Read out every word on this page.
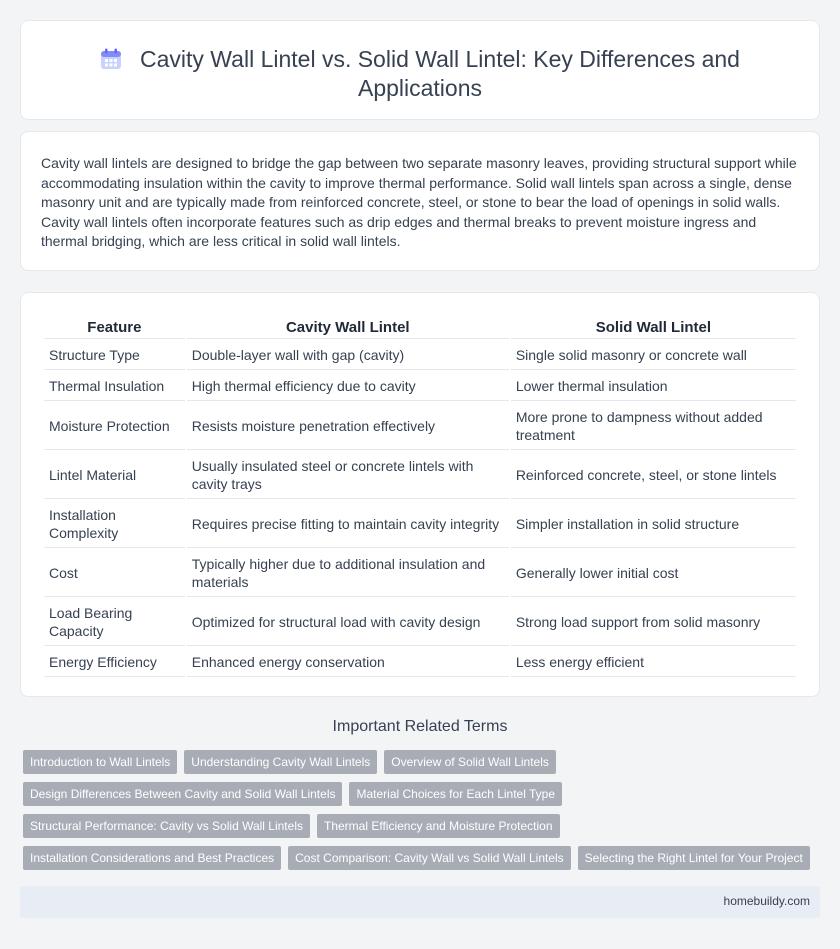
Cavity Wall Lintel vs. Solid Wall Lintel: Key Differences and Applications

Cavity wall lintels are designed to bridge the gap between two separate masonry leaves, providing structural support while accommodating insulation within the cavity to improve thermal performance. Solid wall lintels span across a single, dense masonry unit and are typically made from reinforced concrete, steel, or stone to bear the load of openings in solid walls. Cavity wall lintels often incorporate features such as drip edges and thermal breaks to prevent moisture ingress and thermal bridging, which are less critical in solid wall lintels.

Feature	Cavity Wall Lintel	Solid Wall Lintel
Structure Type	Double-layer wall with gap (cavity)	Single solid masonry or concrete wall
Thermal Insulation	High thermal efficiency due to cavity	Lower thermal insulation
Moisture Protection	Resists moisture penetration effectively	More prone to dampness without added treatment
Lintel Material	Usually insulated steel or concrete lintels with cavity trays	Reinforced concrete, steel, or stone lintels
Installation Complexity	Requires precise fitting to maintain cavity integrity	Simpler installation in solid structure
Cost	Typically higher due to additional insulation and materials	Generally lower initial cost
Load Bearing Capacity	Optimized for structural load with cavity design	Strong load support from solid masonry
Energy Efficiency	Enhanced energy conservation	Less energy efficient
Important Related Terms
Introduction to Wall Lintels Understanding Cavity Wall Lintels Overview of Solid Wall Lintels
Design Differences Between Cavity and Solid Wall Lintels Material Choices for Each Lintel Type
Structural Performance: Cavity vs Solid Wall Lintels Thermal Efficiency and Moisture Protection
Installation Considerations and Best Practices Cost Comparison: Cavity Wall vs Solid Wall Lintels Selecting the Right Lintel for Your Project
homebuildy.com
